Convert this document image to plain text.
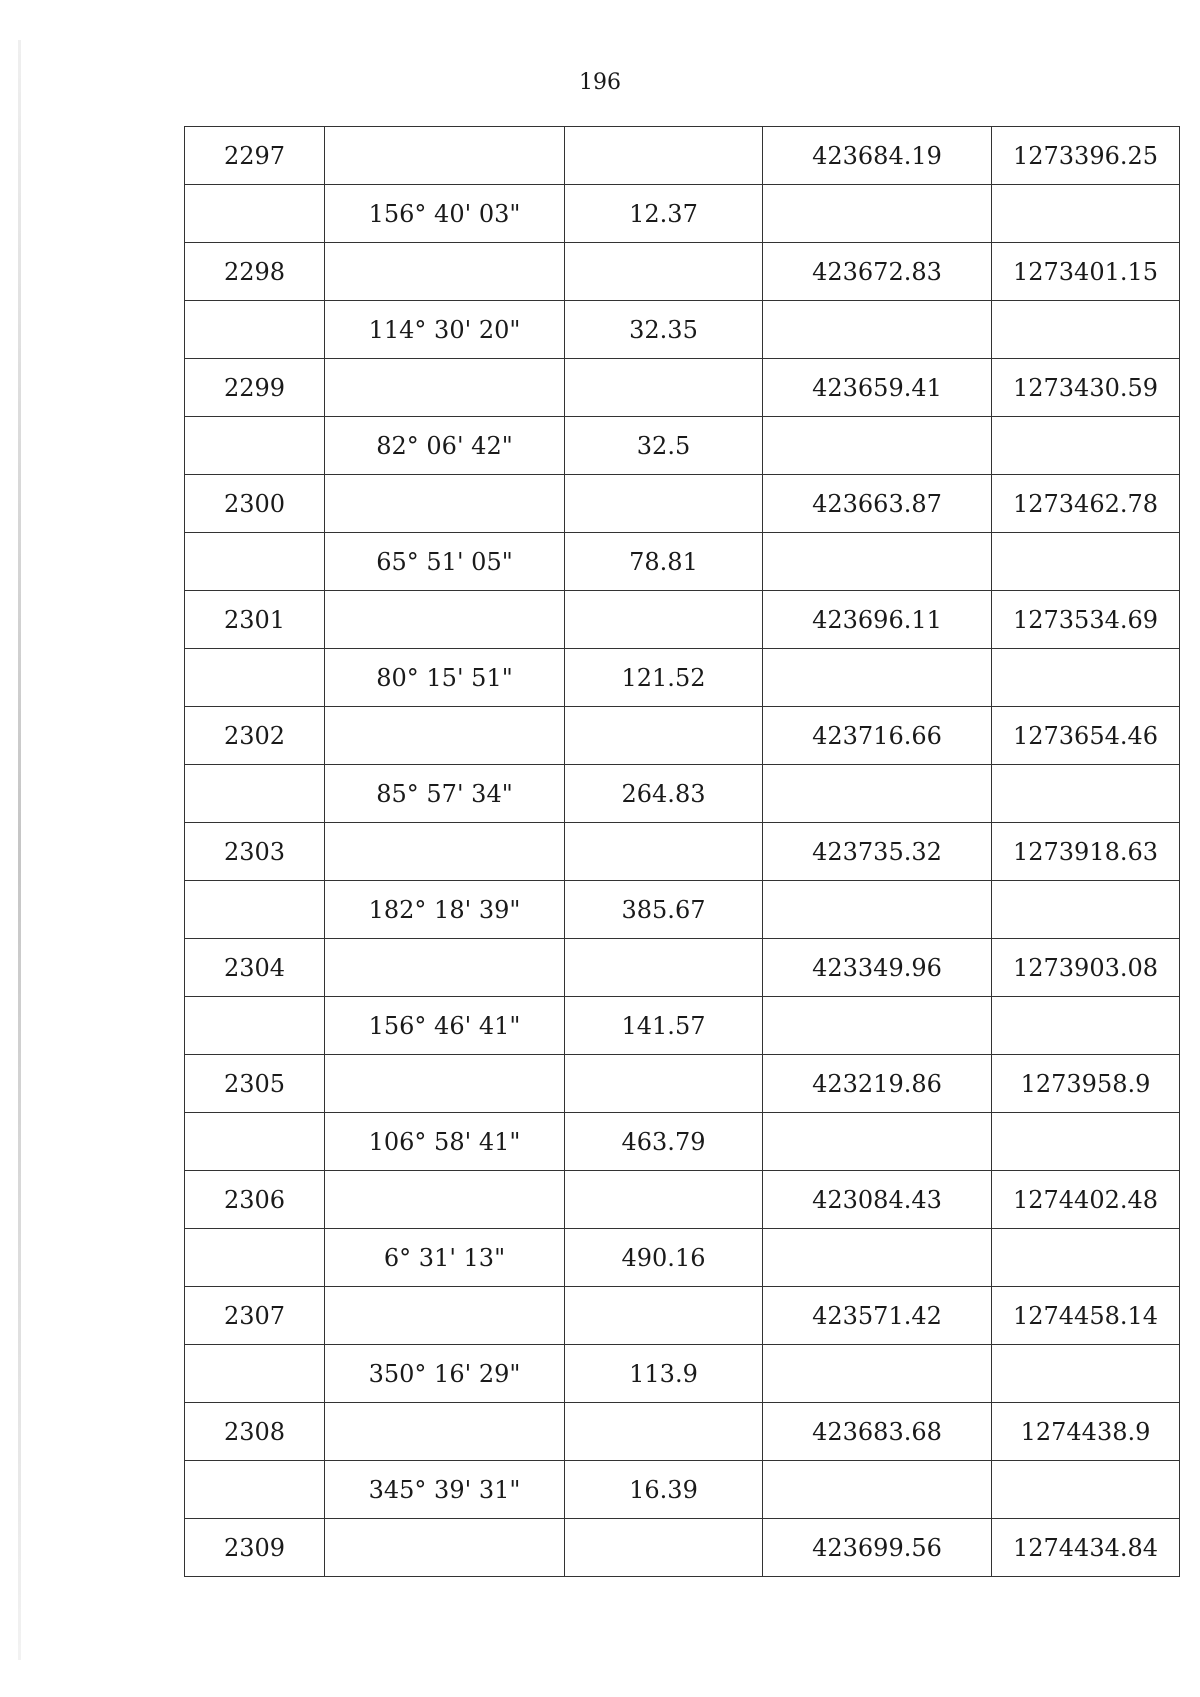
196
2297			423684.19	1273396.25
	156° 40' 03"	12.37		
2298			423672.83	1273401.15
	114° 30' 20"	32.35		
2299			423659.41	1273430.59
	82° 06' 42"	32.5		
2300			423663.87	1273462.78
	65° 51' 05"	78.81		
2301			423696.11	1273534.69
	80° 15' 51"	121.52		
2302			423716.66	1273654.46
	85° 57' 34"	264.83		
2303			423735.32	1273918.63
	182° 18' 39"	385.67		
2304			423349.96	1273903.08
	156° 46' 41"	141.57		
2305			423219.86	1273958.9
	106° 58' 41"	463.79		
2306			423084.43	1274402.48
	6° 31' 13"	490.16		
2307			423571.42	1274458.14
	350° 16' 29"	113.9		
2308			423683.68	1274438.9
	345° 39' 31"	16.39		
2309			423699.56	1274434.84
